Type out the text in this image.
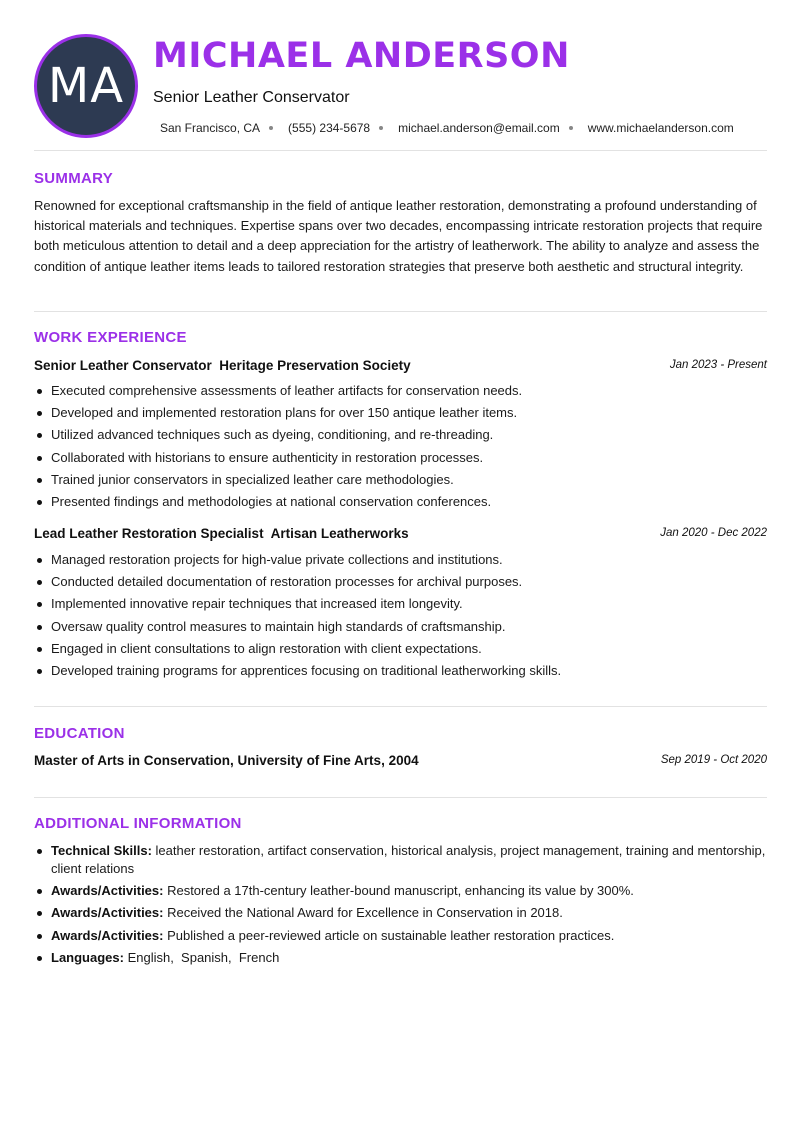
MA
MICHAEL ANDERSON
Senior Leather Conservator
San Francisco, CA (555) 234-5678 michael.anderson@email.com www.michaelanderson.com
SUMMARY
Renowned for exceptional craftsmanship in the field of antique leather restoration, demonstrating a profound understanding of historical materials and techniques. Expertise spans over two decades, encompassing intricate restoration projects that require both meticulous attention to detail and a deep appreciation for the artistry of leatherwork. The ability to analyze and assess the condition of antique leather items leads to tailored restoration strategies that preserve both aesthetic and structural integrity.
WORK EXPERIENCE
Senior Leather Conservator  Heritage Preservation Society	Jan 2023 - Present
Executed comprehensive assessments of leather artifacts for conservation needs.
Developed and implemented restoration plans for over 150 antique leather items.
Utilized advanced techniques such as dyeing, conditioning, and re-threading.
Collaborated with historians to ensure authenticity in restoration processes.
Trained junior conservators in specialized leather care methodologies.
Presented findings and methodologies at national conservation conferences.
Lead Leather Restoration Specialist  Artisan Leatherworks	Jan 2020 - Dec 2022
Managed restoration projects for high-value private collections and institutions.
Conducted detailed documentation of restoration processes for archival purposes.
Implemented innovative repair techniques that increased item longevity.
Oversaw quality control measures to maintain high standards of craftsmanship.
Engaged in client consultations to align restoration with client expectations.
Developed training programs for apprentices focusing on traditional leatherworking skills.
EDUCATION
Master of Arts in Conservation, University of Fine Arts, 2004	Sep 2019 - Oct 2020
ADDITIONAL INFORMATION
Technical Skills: leather restoration, artifact conservation, historical analysis, project management, training and mentorship, client relations
Awards/Activities: Restored a 17th-century leather-bound manuscript, enhancing its value by 300%.
Awards/Activities: Received the National Award for Excellence in Conservation in 2018.
Awards/Activities: Published a peer-reviewed article on sustainable leather restoration practices.
Languages: English,  Spanish,  French
